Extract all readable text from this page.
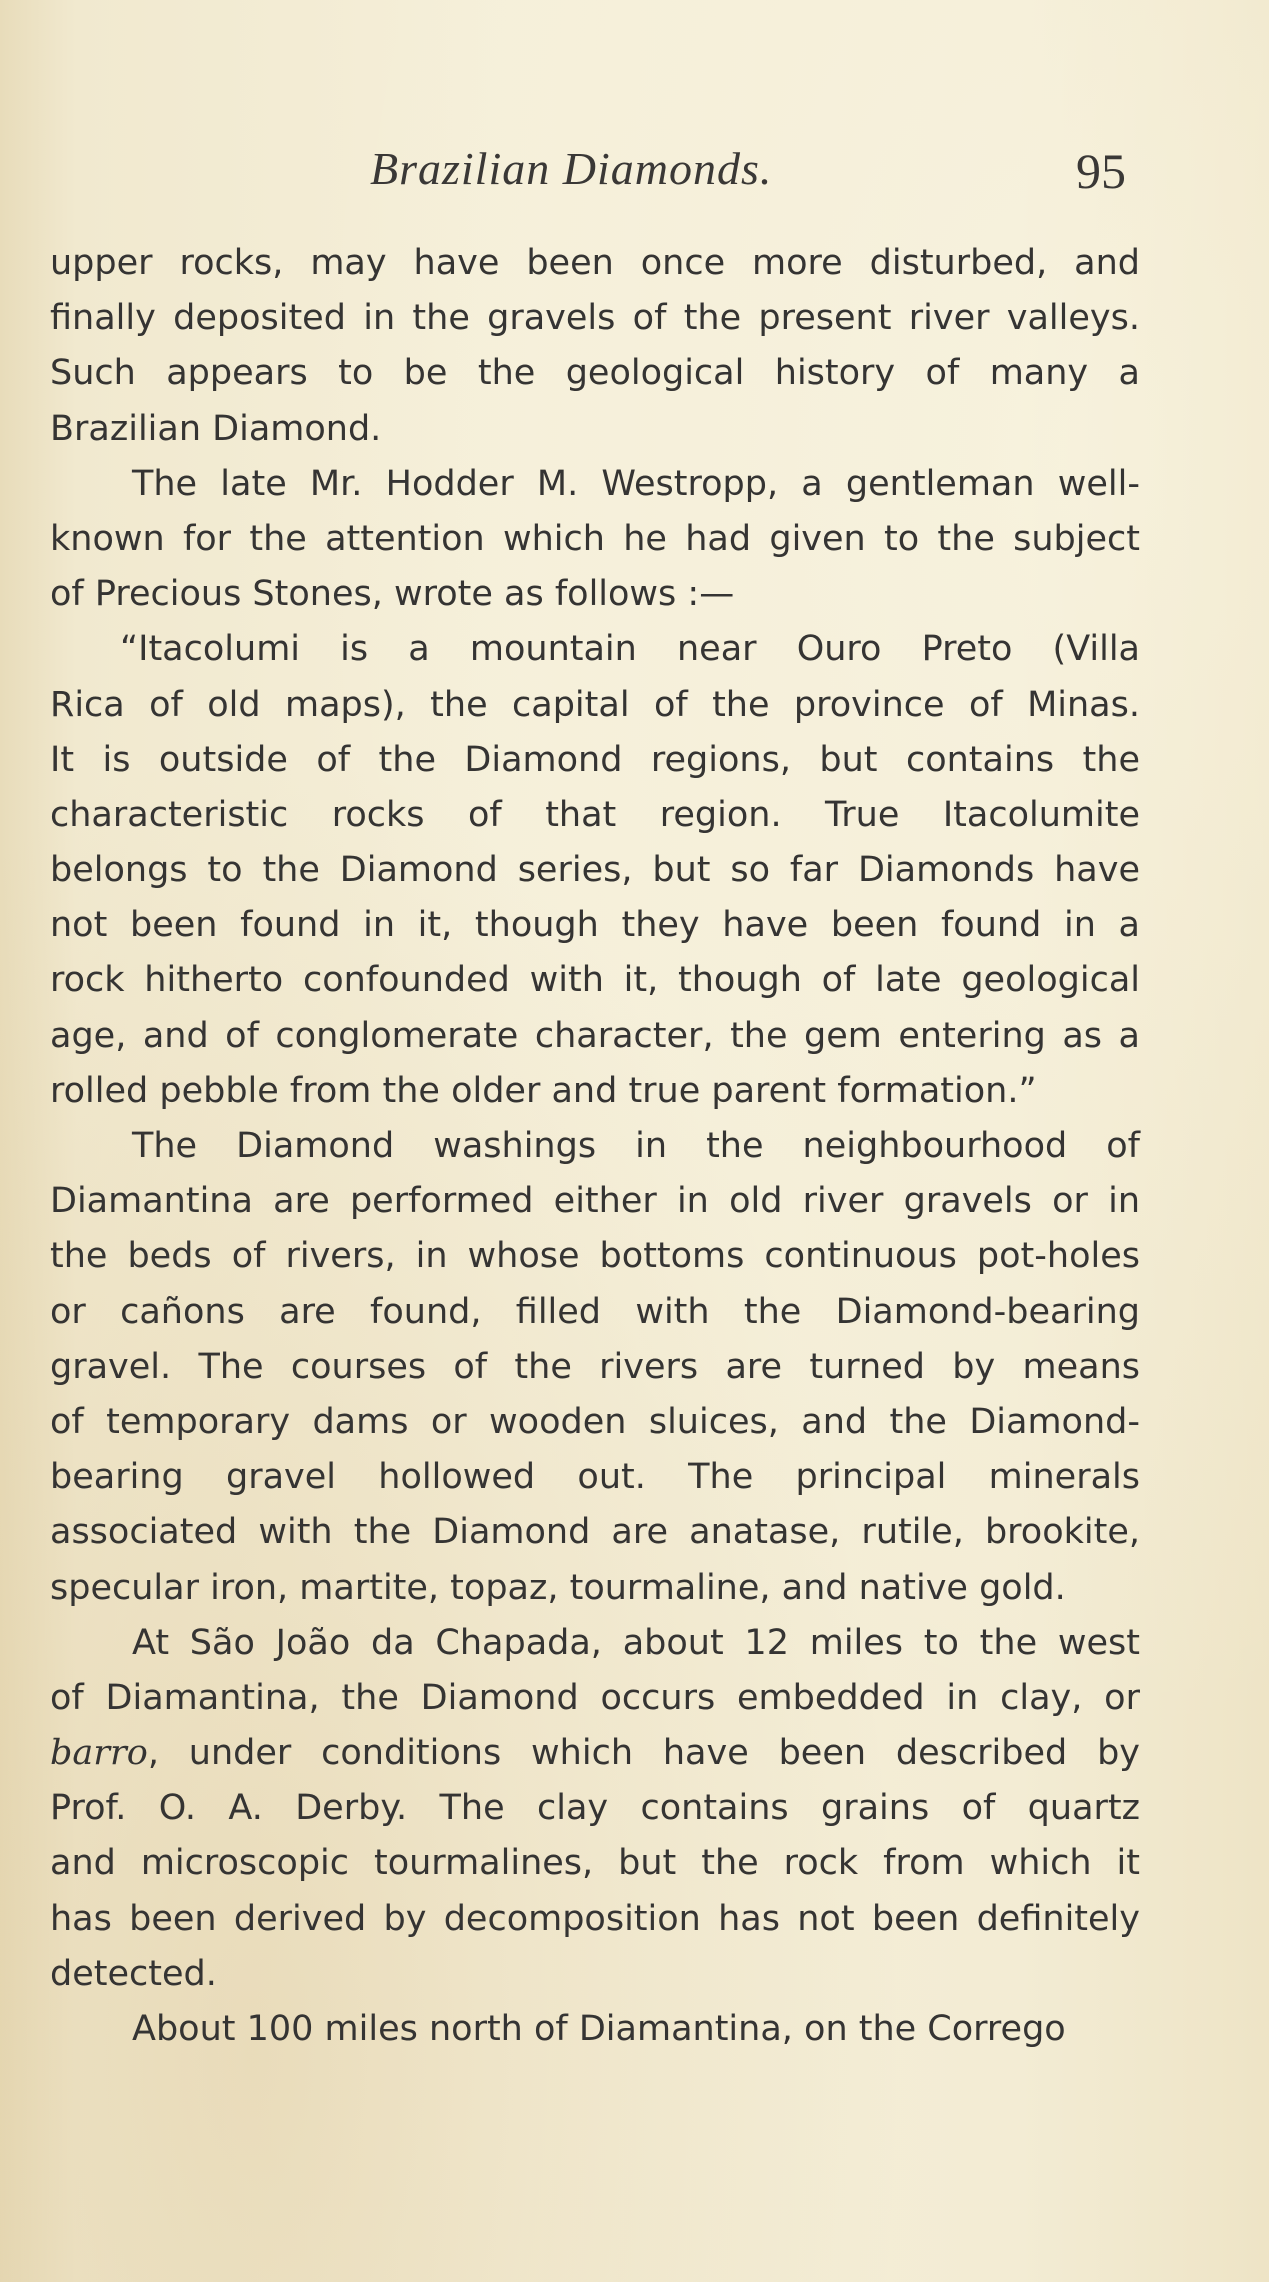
Brazilian Diamonds.	95
upper rocks, may have been once more disturbed, and
finally deposited in the gravels of the present river valleys.
Such appears to be the geological history of many a
Brazilian Diamond.
The late Mr. Hodder M. Westropp, a gentleman well-
known for the attention which he had given to the subject
of Precious Stones, wrote as follows :—
“Itacolumi is a mountain near Ouro Preto (Villa
Rica of old maps), the capital of the province of Minas.
It is outside of the Diamond regions, but contains the
characteristic rocks of that region. True Itacolumite
belongs to the Diamond series, but so far Diamonds have
not been found in it, though they have been found in a
rock hitherto confounded with it, though of late geological
age, and of conglomerate character, the gem entering as a
rolled pebble from the older and true parent formation.”
The Diamond washings in the neighbourhood of
Diamantina are performed either in old river gravels or in
the beds of rivers, in whose bottoms continuous pot-holes
or cañons are found, filled with the Diamond-bearing
gravel. The courses of the rivers are turned by means
of temporary dams or wooden sluices, and the Diamond-
bearing gravel hollowed out. The principal minerals
associated with the Diamond are anatase, rutile, brookite,
specular iron, martite, topaz, tourmaline, and native gold.
At São João da Chapada, about 12 miles to the west
of Diamantina, the Diamond occurs embedded in clay, or
barro, under conditions which have been described by
Prof. O. A. Derby. The clay contains grains of quartz
and microscopic tourmalines, but the rock from which it
has been derived by decomposition has not been definitely
detected.
About 100 miles north of Diamantina, on the Corrego
